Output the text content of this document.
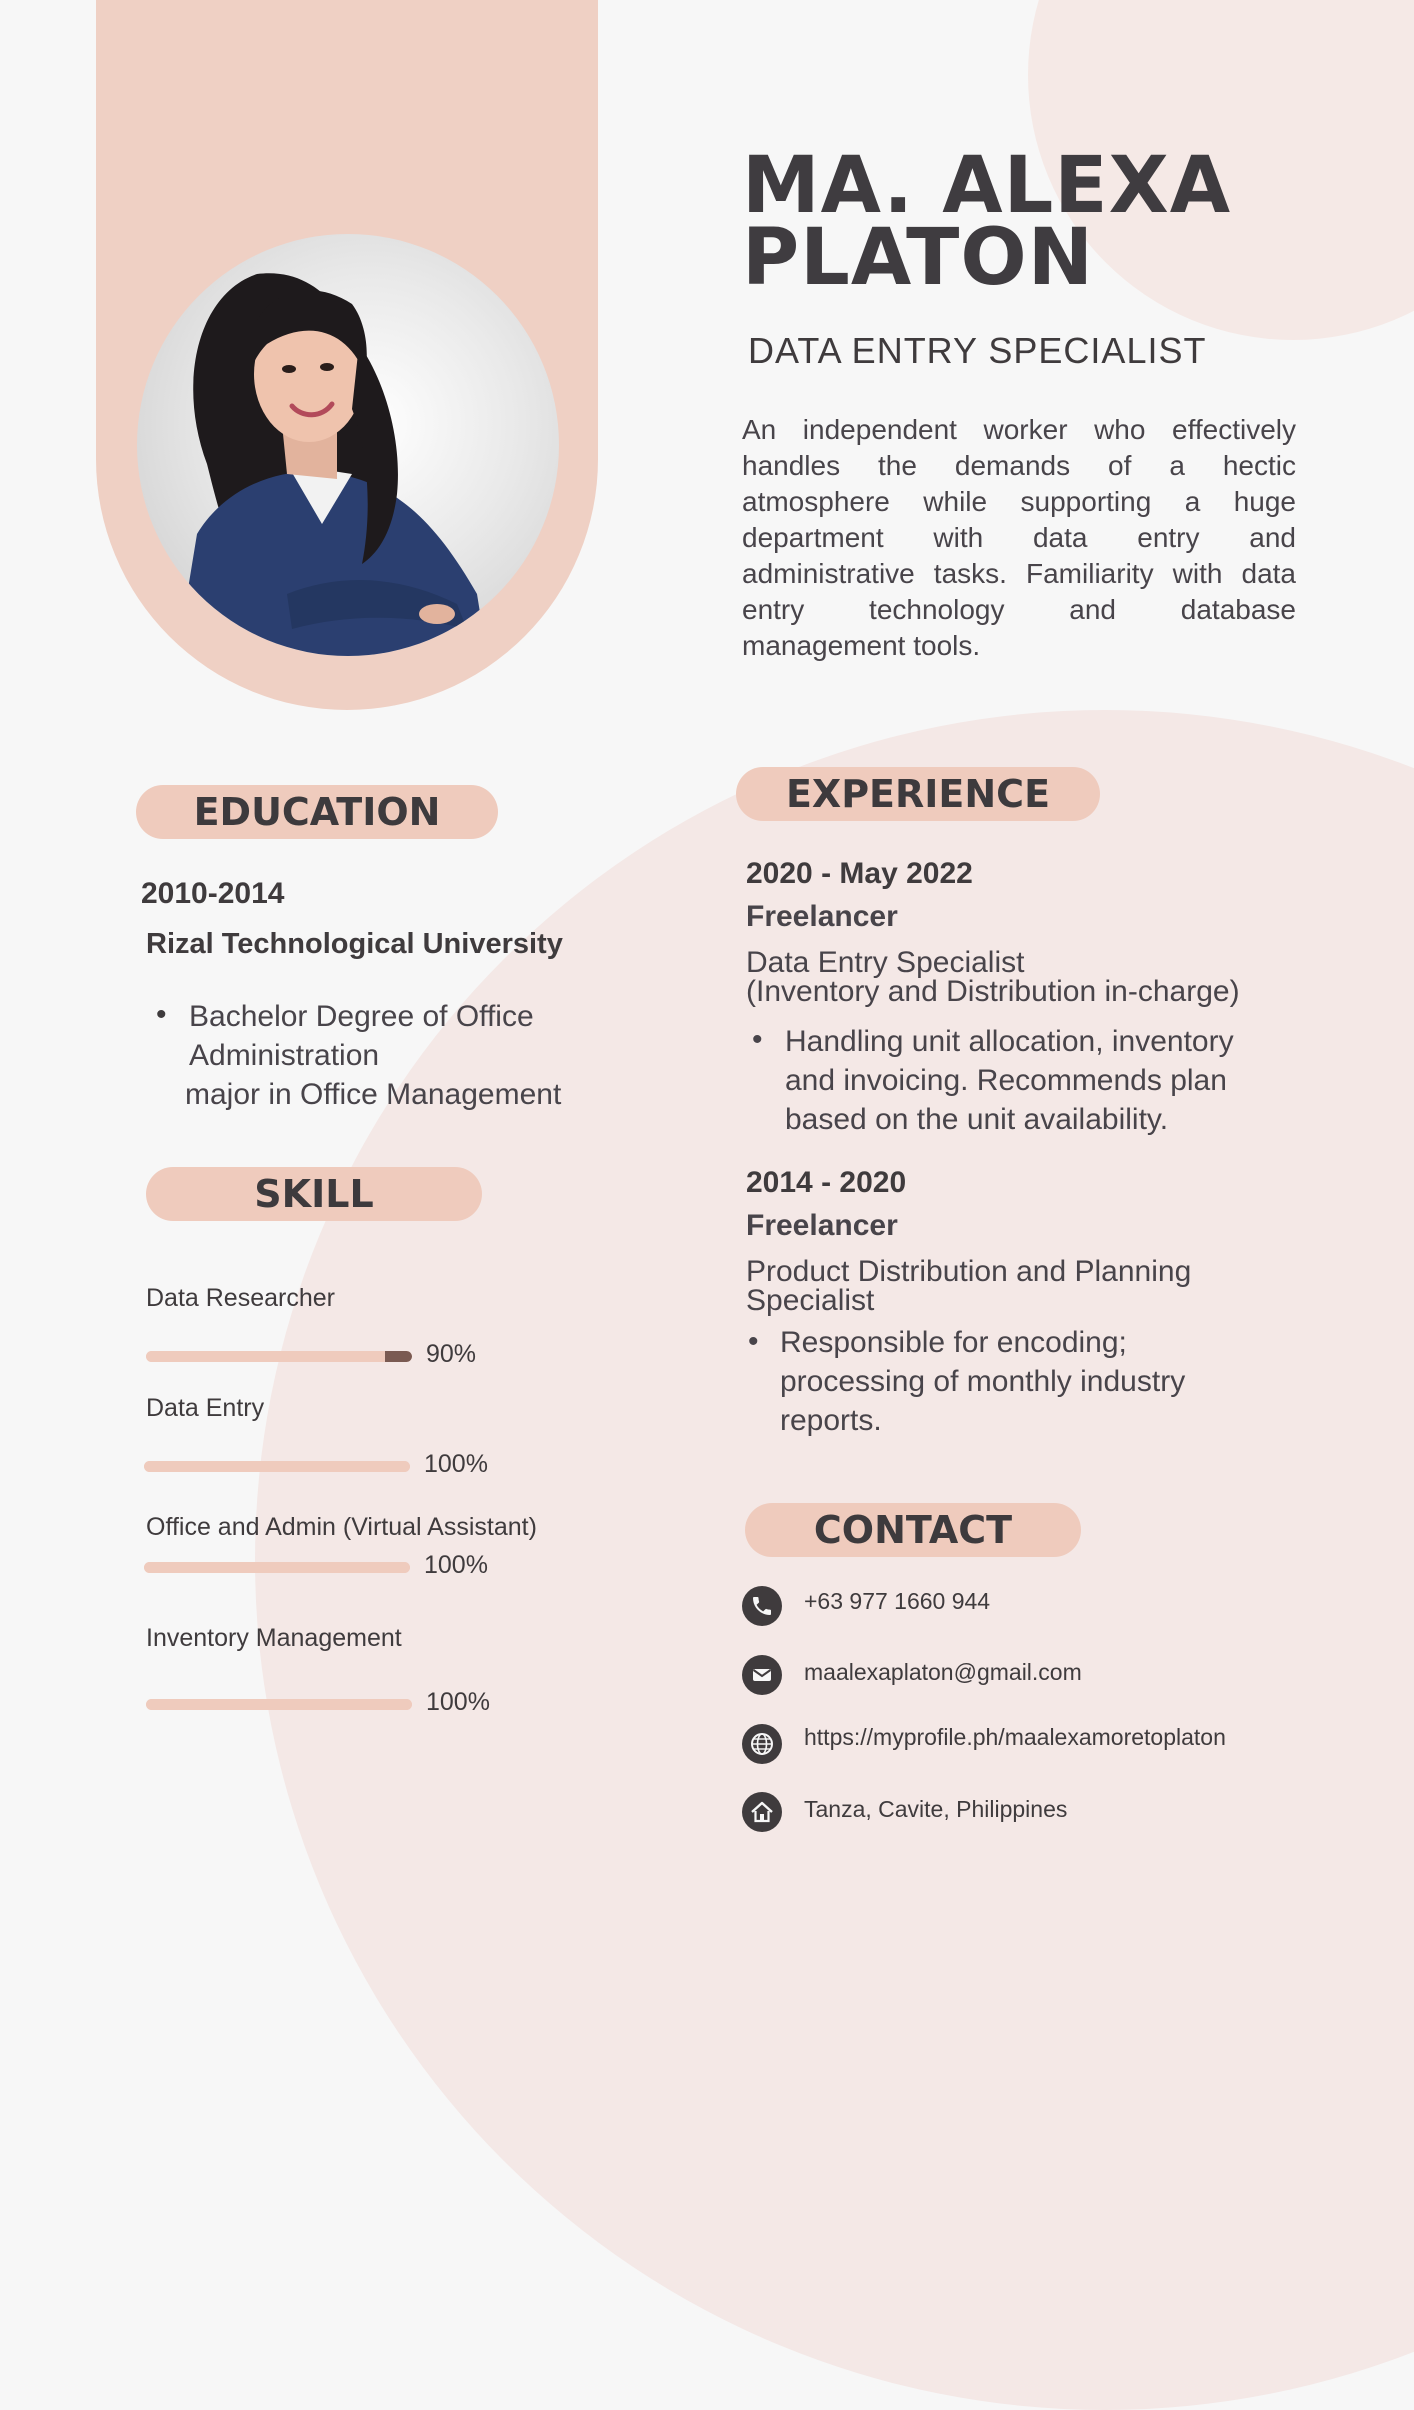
MA. ALEXA
PLATON
DATA ENTRY SPECIALIST
An independent worker who effectively handles the demands of a hectic atmosphere while supporting a huge department with data entry and administrative tasks. Familiarity with data entry technology and database management tools.
EDUCATION
2010-2014
Rizal Technological University
• Bachelor Degree of Office
Administration
major in Office Management
SKILL
Data Researcher
90%
Data Entry
100%
Office and Admin (Virtual Assistant)
100%
Inventory Management
100%
EXPERIENCE
2020 - May 2022
Freelancer
Data Entry Specialist
(Inventory and Distribution in-charge)
• Handling unit allocation, inventory
and invoicing. Recommends plan
based on the unit availability.
2014 - 2020
Freelancer
Product Distribution and Planning
Specialist
• Responsible for encoding;
processing of monthly industry
reports.
CONTACT
+63 977 1660 944
maalexaplaton@gmail.com
https://myprofile.ph/maalexamoretoplaton
Tanza, Cavite, Philippines
